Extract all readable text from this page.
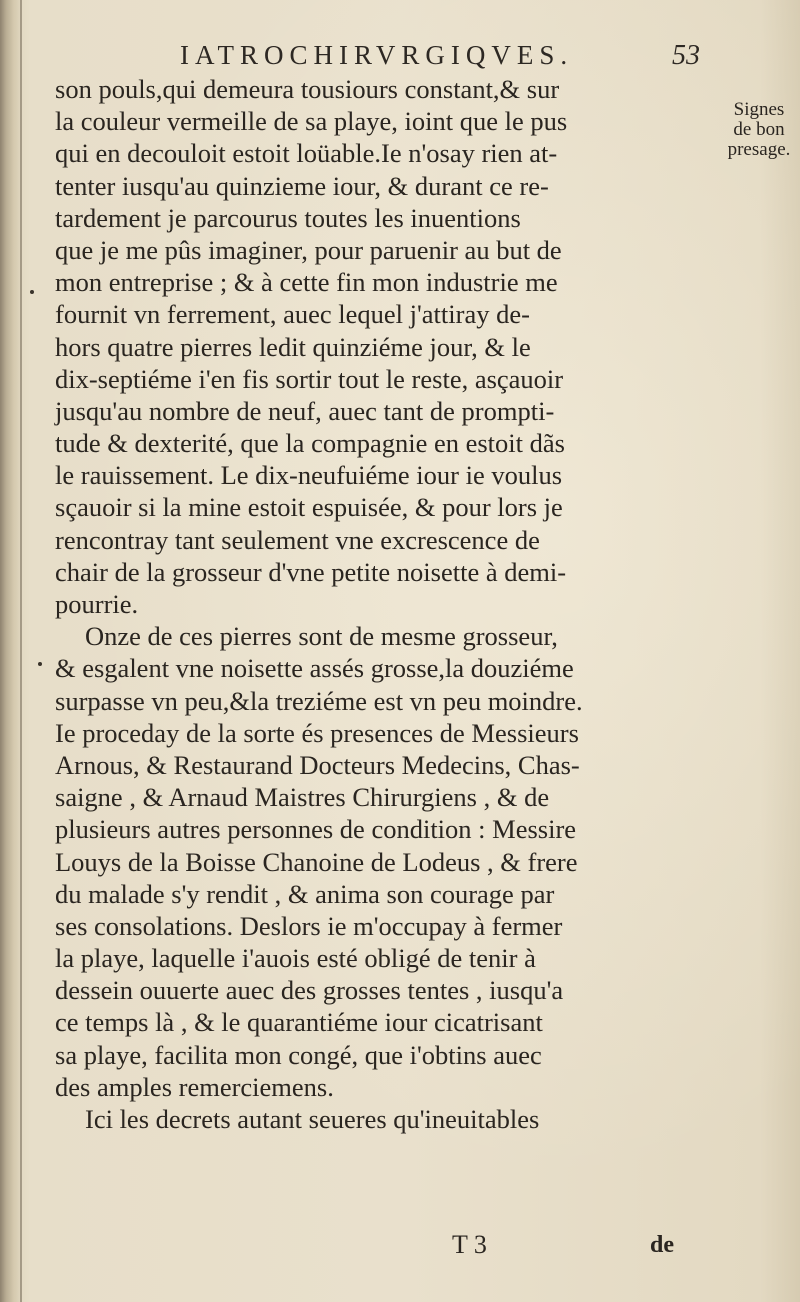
IATROCHIRVRGIQVES.	53
Signes
de bon
presage.
son pouls,qui demeura tousiours constant,& sur
la couleur vermeille de sa playe, ioint que le pus
qui en decouloit estoit loüable.Ie n'osay rien at-
tenter iusqu'au quinzieme iour, & durant ce re-
tardement je parcourus toutes les inuentions
que je me pûs imaginer, pour paruenir au but de
mon entreprise ; & à cette fin mon industrie me
fournit vn ferrement, auec lequel j'attiray de-
hors quatre pierres ledit quinziéme jour, & le
dix-septiéme i'en fis sortir tout le reste, asçauoir
jusqu'au nombre de neuf, auec tant de prompti-
tude & dexterité, que la compagnie en estoit dãs
le rauissement. Le dix-neufuiéme iour ie voulus
sçauoir si la mine estoit espuisée, & pour lors je
rencontray tant seulement vne excrescence de
chair de la grosseur d'vne petite noisette à demi-
pourrie.
Onze de ces pierres sont de mesme grosseur,
& esgalent vne noisette assés grosse,la douziéme
surpasse vn peu,&la treziéme est vn peu moindre.
Ie proceday de la sorte és presences de Messieurs
Arnous, & Restaurand Docteurs Medecins, Chas-
saigne , & Arnaud Maistres Chirurgiens , & de
plusieurs autres personnes de condition : Messire
Louys de la Boisse Chanoine de Lodeus , & frere
du malade s'y rendit , & anima son courage par
ses consolations. Deslors ie m'occupay à fermer
la playe, laquelle i'auois esté obligé de tenir à
dessein ouuerte auec des grosses tentes , iusqu'a
ce temps là , & le quarantiéme iour cicatrisant
sa playe, facilita mon congé, que i'obtins auec
des amples remerciemens.
Ici les decrets autant seueres qu'ineuitables
T 3	de
